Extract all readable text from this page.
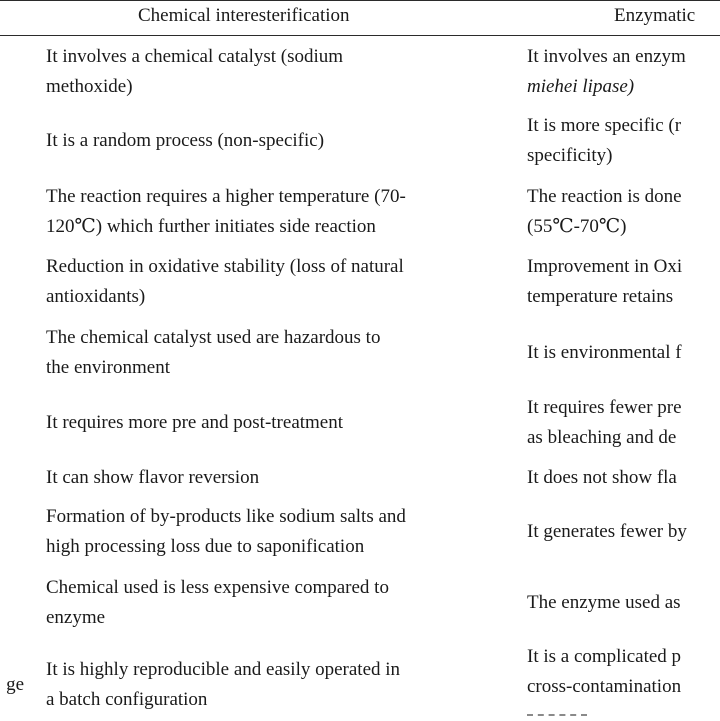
Chemical interesterification	Enzymatic
It involves a chemical catalyst (sodium
methoxide)
It involves an enzym
miehei lipase)
It is a random process (non-specific)
It is more specific (r
specificity)
The reaction requires a higher temperature (70-
120℃) which further initiates side reaction
The reaction is done
(55℃-70℃)
Reduction in oxidative stability (loss of natural
antioxidants)
Improvement in Oxi
temperature retains
The chemical catalyst used are hazardous to
the environment
It is environmental f
It requires more pre and post-treatment
It requires fewer pre
as bleaching and de
It can show flavor reversion	It does not show fla
Formation of by-products like sodium salts and
high processing loss due to saponification
It generates fewer by
Chemical used is less expensive compared to
enzyme
The enzyme used as
It is highly reproducible and easily operated in
a batch configuration
It is a complicated p
cross-contamination
ge
